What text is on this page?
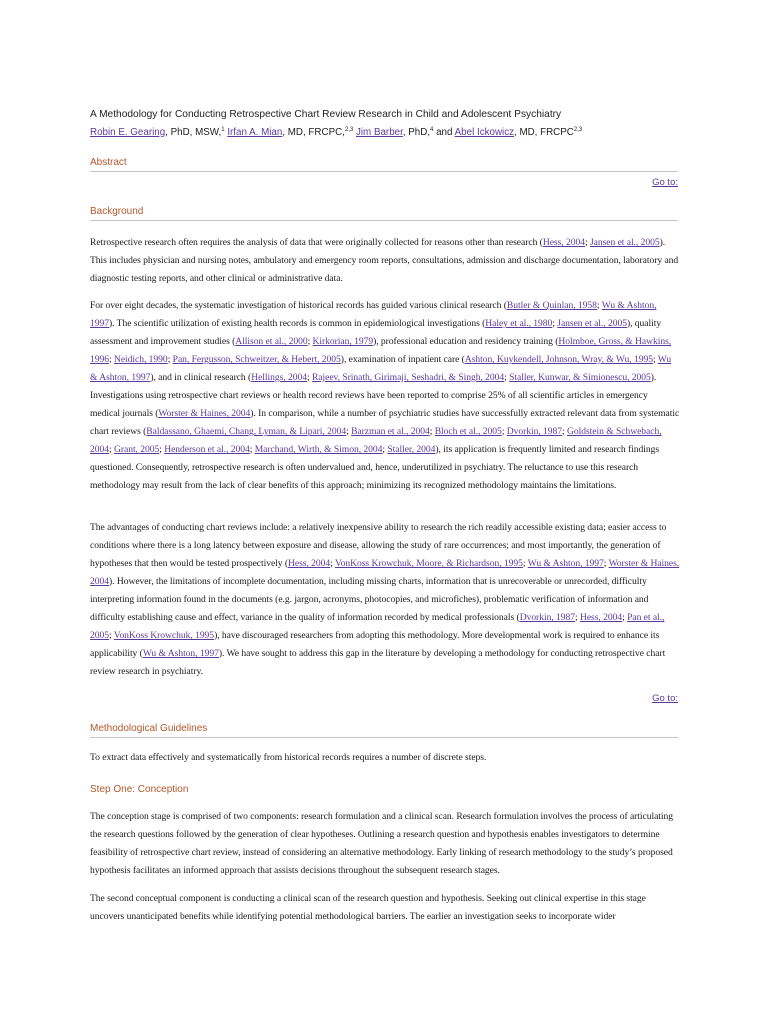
A Methodology for Conducting Retrospective Chart Review Research in Child and Adolescent Psychiatry
Robin E. Gearing, PhD, MSW,$^1$ Irfan A. Mian, MD, FRCPC,$^{2,3}$ Jim Barber, PhD,$^4$ and Abel Ickowicz, MD, FRCPC$^{2,3}$
Abstract
Go to:
Background
Retrospective research often requires the analysis of data that were originally collected for reasons other than research (Hess, 2004; Jansen et al., 2005). This includes physician and nursing notes, ambulatory and emergency room reports, consultations, admission and discharge documentation, laboratory and diagnostic testing reports, and other clinical or administrative data.
For over eight decades, the systematic investigation of historical records has guided various clinical research (Butler & Quinlan, 1958; Wu & Ashton, 1997). The scientific utilization of existing health records is common in epidemiological investigations (Haley et al., 1980; Jansen et al., 2005), quality assessment and improvement studies (Allison et al., 2000; Kirkorian, 1979), professional education and residency training (Holmboe, Gross, & Hawkins, 1996; Neidich, 1990; Pan, Fergusson, Schweitzer, & Hebert, 2005), examination of inpatient care (Ashton, Kuykendell, Johnson, Wray, & Wu, 1995; Wu & Ashton, 1997), and in clinical research (Hellings, 2004; Rajeev, Srinath, Girimaji, Seshadri, & Singh, 2004; Staller, Kunwar, & Simionescu, 2005). Investigations using retrospective chart reviews or health record reviews have been reported to comprise 25% of all scientific articles in emergency medical journals (Worster & Haines, 2004). In comparison, while a number of psychiatric studies have successfully extracted relevant data from systematic chart reviews (Baldassano, Ghaemi, Chang, Lyman, & Lipari, 2004; Barzman et al., 2004; Bloch et al., 2005; Dvorkin, 1987; Goldstein & Schwebach, 2004; Grant, 2005; Henderson et al., 2004; Marchand, Wirth, & Simon, 2004; Staller, 2004), its application is frequently limited and research findings questioned. Consequently, retrospective research is often undervalued and, hence, underutilized in psychiatry. The reluctance to use this research methodology may result from the lack of clear benefits of this approach; minimizing its recognized methodology maintains the limitations.
The advantages of conducting chart reviews include: a relatively inexpensive ability to research the rich readily accessible existing data; easier access to conditions where there is a long latency between exposure and disease, allowing the study of rare occurrences; and most importantly, the generation of hypotheses that then would be tested prospectively (Hess, 2004; VonKoss Krowchuk, Moore, & Richardson, 1995; Wu & Ashton, 1997; Worster & Haines, 2004). However, the limitations of incomplete documentation, including missing charts, information that is unrecoverable or unrecorded, difficulty interpreting information found in the documents (e.g. jargon, acronyms, photocopies, and microfiches), problematic verification of information and difficulty establishing cause and effect, variance in the quality of information recorded by medical professionals (Dvorkin, 1987; Hess, 2004; Pan et al., 2005; VonKoss Krowchuk, 1995), have discouraged researchers from adopting this methodology. More developmental work is required to enhance its applicability (Wu & Ashton, 1997). We have sought to address this gap in the literature by developing a methodology for conducting retrospective chart review research in psychiatry.
Go to:
Methodological Guidelines
To extract data effectively and systematically from historical records requires a number of discrete steps.
Step One: Conception
The conception stage is comprised of two components: research formulation and a clinical scan. Research formulation involves the process of articulating the research questions followed by the generation of clear hypotheses. Outlining a research question and hypothesis enables investigators to determine feasibility of retrospective chart review, instead of considering an alternative methodology. Early linking of research methodology to the study’s proposed hypothesis facilitates an informed approach that assists decisions throughout the subsequent research stages.
The second conceptual component is conducting a clinical scan of the research question and hypothesis. Seeking out clinical expertise in this stage uncovers unanticipated benefits while identifying potential methodological barriers. The earlier an investigation seeks to incorporate wider
